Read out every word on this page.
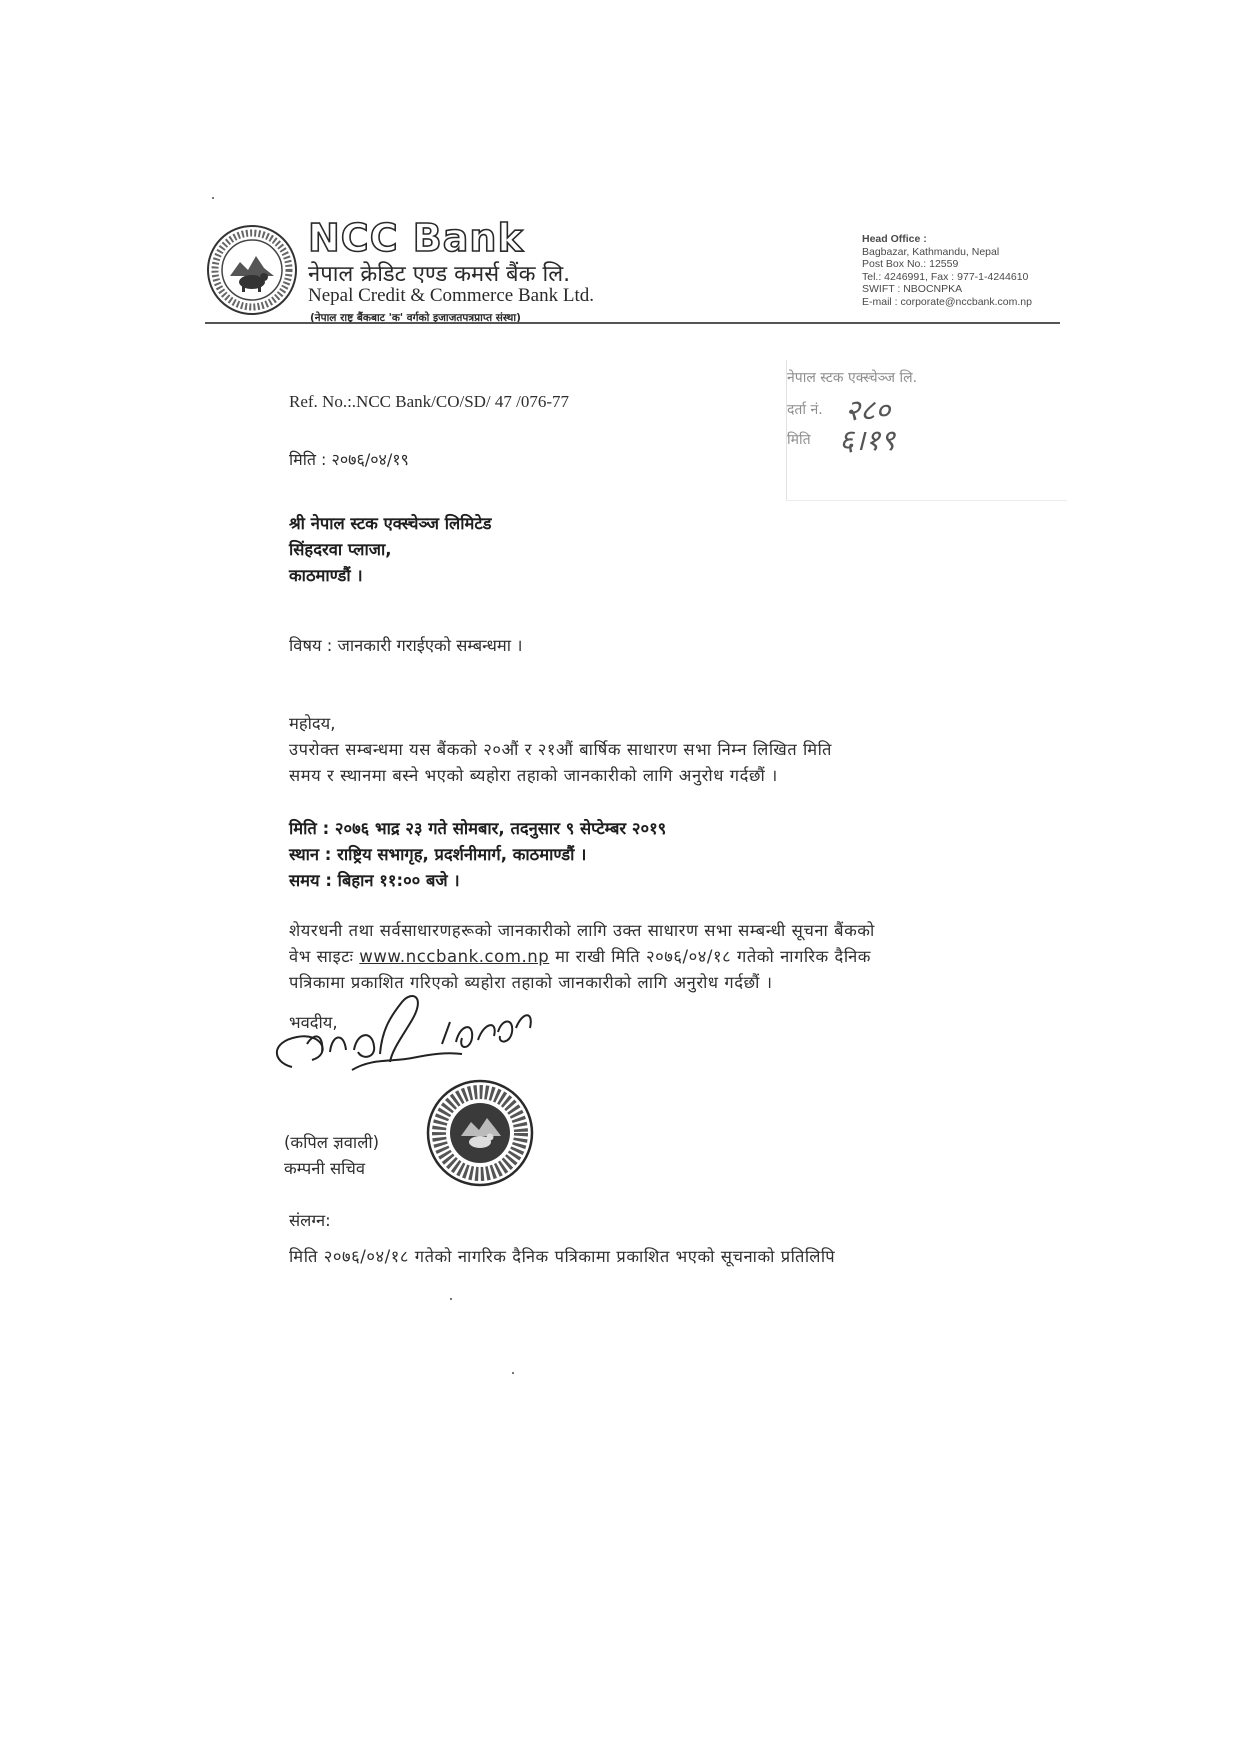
NCC Bank
नेपाल क्रेडिट एण्ड कमर्स बैंक लि.
Nepal Credit & Commerce Bank Ltd.
(नेपाल राष्ट्र बैंकबाट 'क' वर्गको इजाजतपत्रप्राप्त संस्था)
Head Office :
Bagbazar, Kathmandu, Nepal
Post Box No.: 12559
Tel.: 4246991, Fax : 977-1-4244610
SWIFT : NBOCNPKA
E-mail : corporate@nccbank.com.np
नेपाल स्टक एक्स्चेञ्ज लि.
दर्ता नं. २८०
मिति ६।१९
Ref. No.:.NCC Bank/CO/SD/ 47 /076-77
मिति : २०७६/०४/१९
श्री नेपाल स्टक एक्स्चेञ्ज लिमिटेड
सिंहदरवा प्लाजा,
काठमाण्डौं ।
विषय : जानकारी गराईएको सम्बन्धमा ।
महोदय,
उपरोक्त सम्बन्धमा यस बैंकको २०औं र २१औं बार्षिक साधारण सभा निम्न लिखित मिति
समय र स्थानमा बस्ने भएको ब्यहोरा तहाको जानकारीको लागि अनुरोध गर्दछौं ।
मिति : २०७६ भाद्र २३ गते सोमबार, तदनुसार ९ सेप्टेम्बर २०१९
स्थान : राष्ट्रिय सभागृह, प्रदर्शनीमार्ग, काठमाण्डौं ।
समय : बिहान ११:०० बजे ।
शेयरधनी तथा सर्वसाधारणहरूको जानकारीको लागि उक्त साधारण सभा सम्बन्धी सूचना बैंकको
वेभ साइटः www.nccbank.com.np मा राखी मिति २०७६/०४/१८ गतेको नागरिक दैनिक
पत्रिकामा प्रकाशित गरिएको ब्यहोरा तहाको जानकारीको लागि अनुरोध गर्दछौं ।
भवदीय,
(कपिल ज्ञवाली)
कम्पनी सचिव
संलग्न:
मिति २०७६/०४/१८ गतेको नागरिक दैनिक पत्रिकामा प्रकाशित भएको सूचनाको प्रतिलिपि
